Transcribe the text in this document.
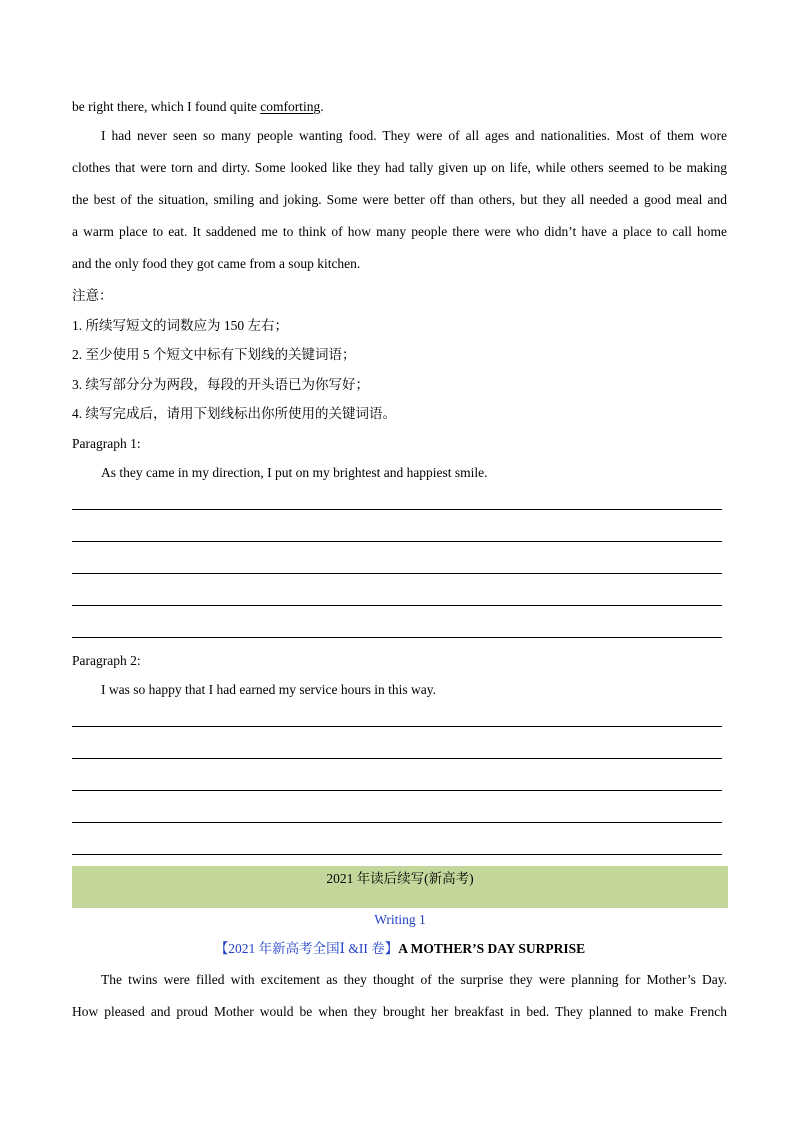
be right there, which I found quite comforting.
I had never seen so many people wanting food. They were of all ages and nationalities. Most of them wore
clothes that were torn and dirty. Some looked like they had tally given up on life, while others seemed to be making
the best of the situation, smiling and joking. Some were better off than others, but they all needed a good meal and
a warm place to eat. It saddened me to think of how many people there were who didn’t have a place to call home
and the only food they got came from a soup kitchen.
注意：
1. 所续写短文的词数应为 150 左右；
2. 至少使用 5 个短文中标有下划线的关键词语；
3. 续写部分分为两段，每段的开头语已为你写好；
4. 续写完成后，请用下划线标出你所使用的关键词语。
Paragraph 1:
As they came in my direction, I put on my brightest and happiest smile.
Paragraph 2:
I was so happy that I had earned my service hours in this way.
2021 年读后续写(新高考)
Writing 1
【2021 年新高考全国Ⅰ &II 卷】A MOTHER’S DAY SURPRISE
The twins were filled with excitement as they thought of the surprise they were planning for Mother’s Day.
How pleased and proud Mother would be when they brought her breakfast in bed. They planned to make French
